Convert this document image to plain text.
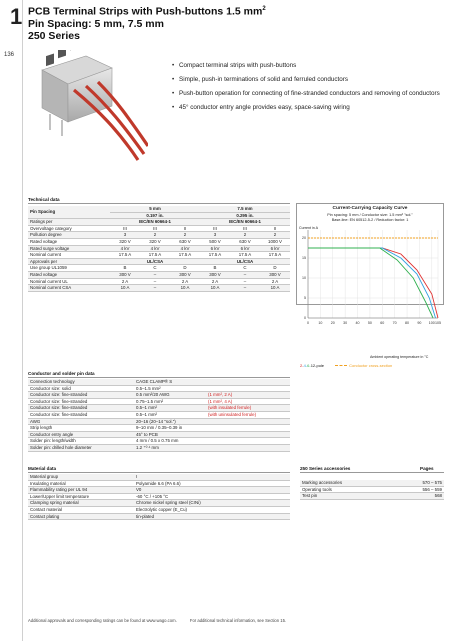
1
136
PCB Terminal Strips with Push-buttons 1.5 $mm^2$
Pin Spacing: 5 mm, 7.5 mm
250 Series
• Compact terminal strips with push-buttons
• Simple, push-in terminations of solid and ferruled conductors
• Push-button operation for connecting of fine-stranded conductors and removing of conductors
• 45° conductor entry angle provides easy, space-saving wiring
Technical data
Pin Spacing	5 mm			7.5 mm		
	0.197 in.			0.295 in.		
Ratings per	IEC/EN 60664-1			IEC/EN 60664-1		
Overvoltage category	III	III	II	III	III	II
Pollution degree	3	2	2	3	2	2
Rated voltage	320 V	320 V	630 V	500 V	630 V	1000 V
Rated surge voltage	4 kV	4 kV	4 kV	6 kV	6 kV	6 kV
Nominal current	17.5 A	17.5 A	17.5 A	17.5 A	17.5 A	17.5 A
Approvals per	UL/CSA			UL/CSA		
Use group UL1059	B	C	D	B	C	D
Rated voltage	300 V	–	300 V	300 V	–	300 V
Nominal current UL	2 A	–	2 A	2 A	–	2 A
Nominal current CSA	10 A	–	10 A	10 A	–	10 A
Current-Carrying Capacity Curve
Pin spacing: 5 mm / Conductor size: 1.5 mm² "sol."
Base-line: EN 60512-5-2 / Reduction factor: 1
Current in A
0	10 20 30 40 50 60 70 80 90 100 105
0
5
10
15
20
Ambient operating temperature in °C
2-4-6-12-pole	Conductor cross-section
Conductor and solder pin data
Connection technology	CAGE CLAMP® S	
Conductor size: solid	0.5–1.5 mm²	
Conductor size: fine-stranded	0.5 mm²/20 AWG	(1 mm², 2 A)
Conductor size: fine-stranded	0.75–1.5 mm²	(1 mm², 4 A)
Conductor size: fine-stranded	0.5–1 mm²	(with insulated ferrule)
Conductor size: fine-stranded	0.5–1 mm²	(with uninsulated ferrule)
AWG	20–16 (20–14 "sol.")	
Strip length	9–10 mm / 0.35–0.39 in	
Conductor entry angle	45° to PCB	
Solder pin: length/width	4 mm / 0.5 x 0.75 mm	
Solder pin: drilled hole diameter	1.2 ⁺⁰·¹ mm	
Material data
Material group	I
Insulating material	Polyamide 6.6 (PA 6.6)
Flammability rating per UL 94	V0
Lower/Upper limit temperature	-60 °C / +105 °C
Clamping spring material	Chrome nickel spring steel (CrNi)
Contact material	Electrolytic copper (E_Cu)
Contact plating	tin-plated
250 Series accessories	Pages
Marking accessories	570 – 575
Operating tools	556 – 559
Test pin	568
Additional approvals and corresponding ratings can be found at www.wago.com.	For additional technical information, see Section 15.
